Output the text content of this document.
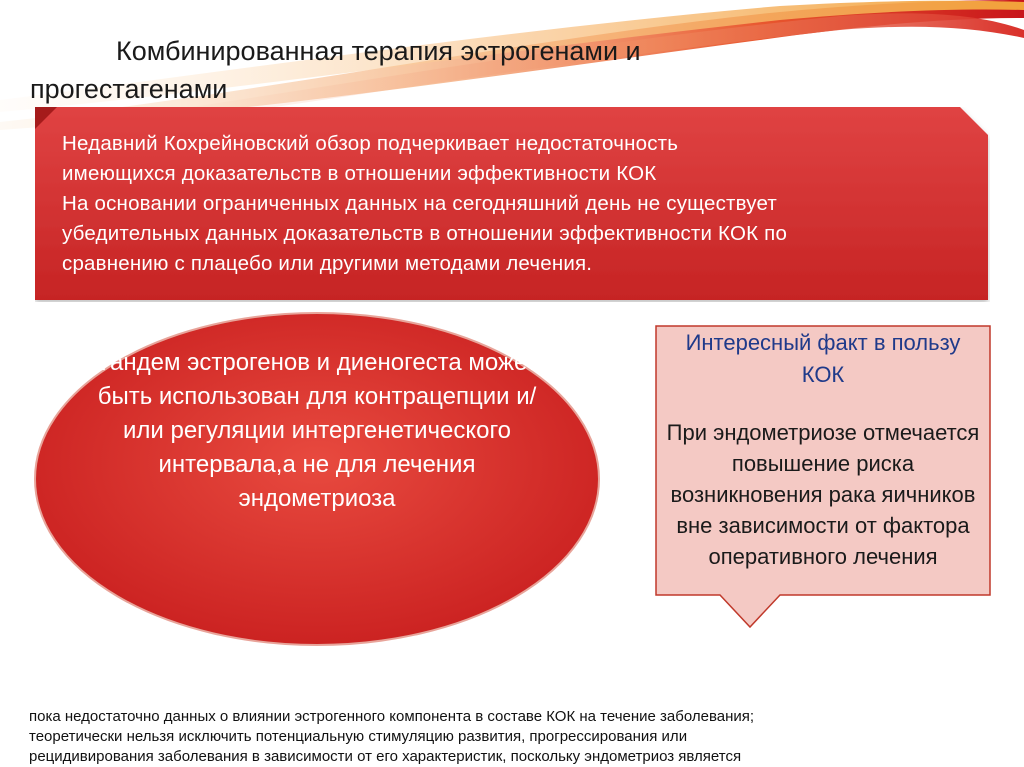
Комбинированная терапия эстрогенами и
прогестагенами

Недавний Кохрейновский обзор подчеркивает недостаточность

имеющихся доказательств в отношении эффективности КОК

На основании ограниченных данных на сегодняшний день не существует

убедительных данных доказательств в отношении эффективности КОК по

сравнению с плацебо или другими методами лечения.

Тандем эстрогенов и диеногеста может быть использован для контрацепции и/или регуляции интергенетического интервала,а не для лечения эндометриоза
Интересный факт в пользу КОК
При эндометриозе отмечается повышение риска возникновения рака яичников вне зависимости от фактора оперативного лечения
пока недостаточно данных о влиянии эстрогенного компонента в составе КОК на течение заболевания;
теоретически нельзя исключить потенциальную стимуляцию развития, прогрессирования или
рецидивирования заболевания в зависимости от его характеристик, поскольку эндометриоз является
